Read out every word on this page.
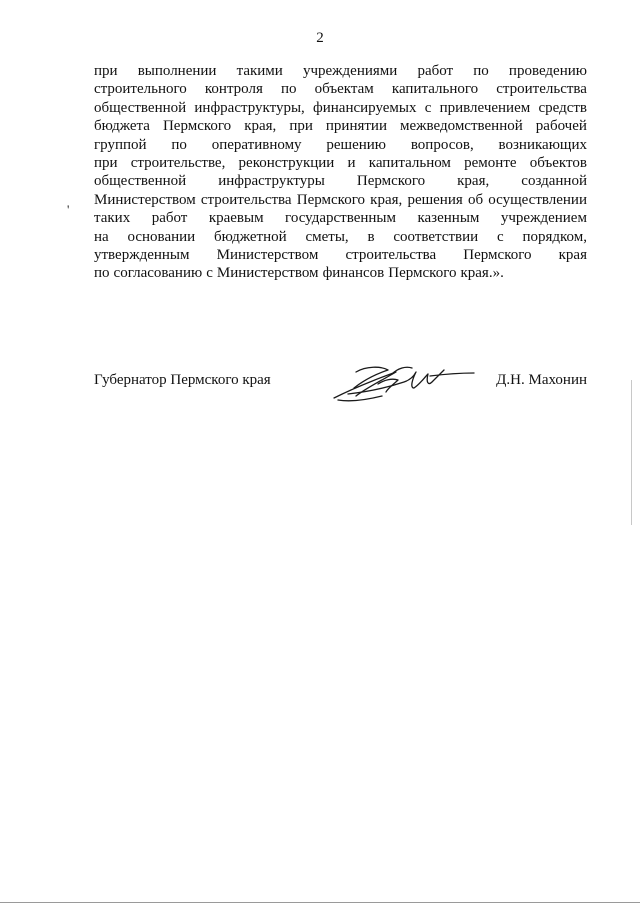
2
'
при выполнении такими учреждениями работ по проведению
строительного контроля по объектам капитального строительства
общественной инфраструктуры, финансируемых с привлечением средств
бюджета Пермского края, при принятии межведомственной рабочей
группой по оперативному решению вопросов, возникающих
при строительстве, реконструкции и капитальном ремонте объектов
общественной инфраструктуры Пермского края, созданной
Министерством строительства Пермского края, решения об осуществлении
таких работ краевым государственным казенным учреждением
на основании бюджетной сметы, в соответствии с порядком,
утвержденным Министерством строительства Пермского края
по согласованию с Министерством финансов Пермского края.».
Губернатор Пермского края	Д.Н. Махонин
